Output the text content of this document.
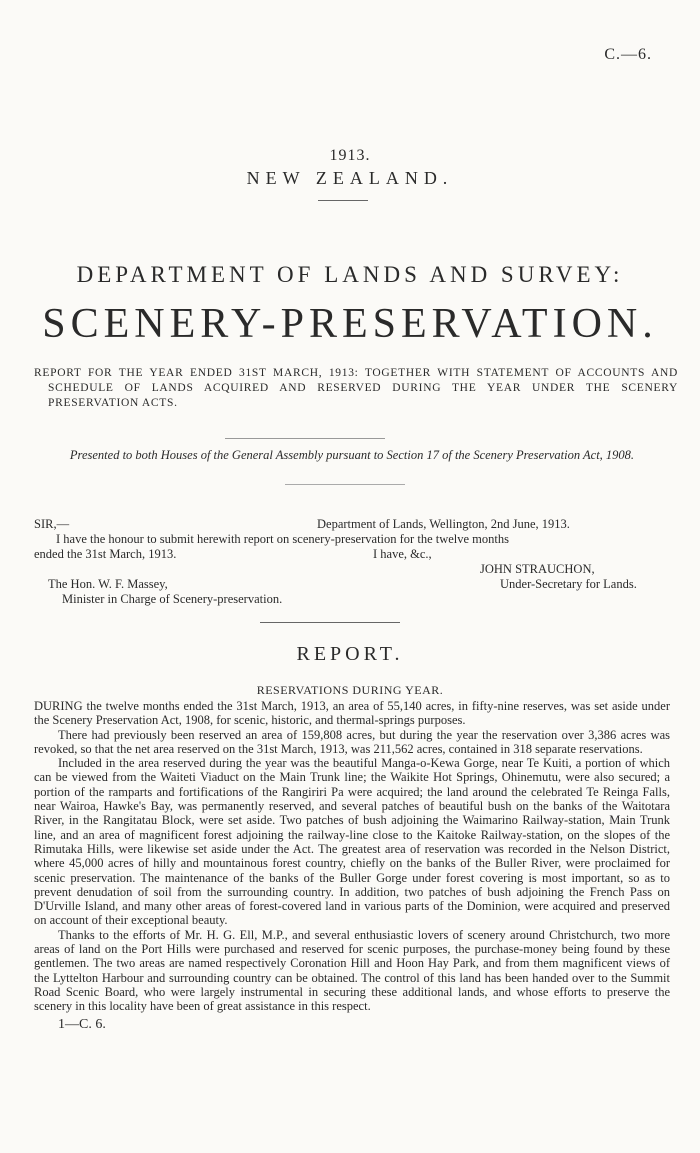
C.—6.
1913.
NEW ZEALAND.
DEPARTMENT OF LANDS AND SURVEY:
SCENERY-PRESERVATION.
REPORT FOR THE YEAR ENDED 31ST MARCH, 1913: TOGETHER WITH STATEMENT OF ACCOUNTS AND SCHEDULE OF LANDS ACQUIRED AND RESERVED DURING THE YEAR UNDER THE SCENERY PRESERVATION ACTS.
Presented to both Houses of the General Assembly pursuant to Section 17 of the Scenery Preservation Act, 1908.
SIR,—	Department of Lands, Wellington, 2nd June, 1913.
I have the honour to submit herewith report on scenery-preservation for the twelve months
ended the 31st March, 1913.	I have, &c.,
JOHN STRAUCHON,
The Hon. W. F. Massey,	Under-Secretary for Lands.
Minister in Charge of Scenery-preservation.
REPORT.
RESERVATIONS DURING YEAR.

DURING the twelve months ended the 31st March, 1913, an area of 55,140 acres, in fifty-nine reserves, was set aside under the Scenery Preservation Act, 1908, for scenic, historic, and thermal-springs purposes.

There had previously been reserved an area of 159,808 acres, but during the year the reservation over 3,386 acres was revoked, so that the net area reserved on the 31st March, 1913, was 211,562 acres, contained in 318 separate reservations.

Included in the area reserved during the year was the beautiful Manga-o-Kewa Gorge, near Te Kuiti, a portion of which can be viewed from the Waiteti Viaduct on the Main Trunk line; the Waikite Hot Springs, Ohinemutu, were also secured; a portion of the ramparts and fortifications of the Rangiriri Pa were acquired; the land around the celebrated Te Reinga Falls, near Wairoa, Hawke's Bay, was permanently reserved, and several patches of beautiful bush on the banks of the Waitotara River, in the Rangitatau Block, were set aside. Two patches of bush adjoining the Waimarino Railway-station, Main Trunk line, and an area of magnificent forest adjoining the railway-line close to the Kaitoke Railway-station, on the slopes of the Rimutaka Hills, were likewise set aside under the Act. The greatest area of reservation was recorded in the Nelson District, where 45,000 acres of hilly and mountainous forest country, chiefly on the banks of the Buller River, were proclaimed for scenic preservation. The maintenance of the banks of the Buller Gorge under forest covering is most important, so as to prevent denudation of soil from the surrounding country. In addition, two patches of bush adjoining the French Pass on D'Urville Island, and many other areas of forest-covered land in various parts of the Dominion, were acquired and preserved on account of their exceptional beauty.

Thanks to the efforts of Mr. H. G. Ell, M.P., and several enthusiastic lovers of scenery around Christchurch, two more areas of land on the Port Hills were purchased and reserved for scenic purposes, the purchase-money being found by these gentlemen. The two areas are named respectively Coronation Hill and Hoon Hay Park, and from them magnificent views of the Lyttelton Harbour and surrounding country can be obtained. The control of this land has been handed over to the Summit Road Scenic Board, who were largely instrumental in securing these additional lands, and whose efforts to preserve the scenery in this locality have been of great assistance in this respect.

1—C. 6.
